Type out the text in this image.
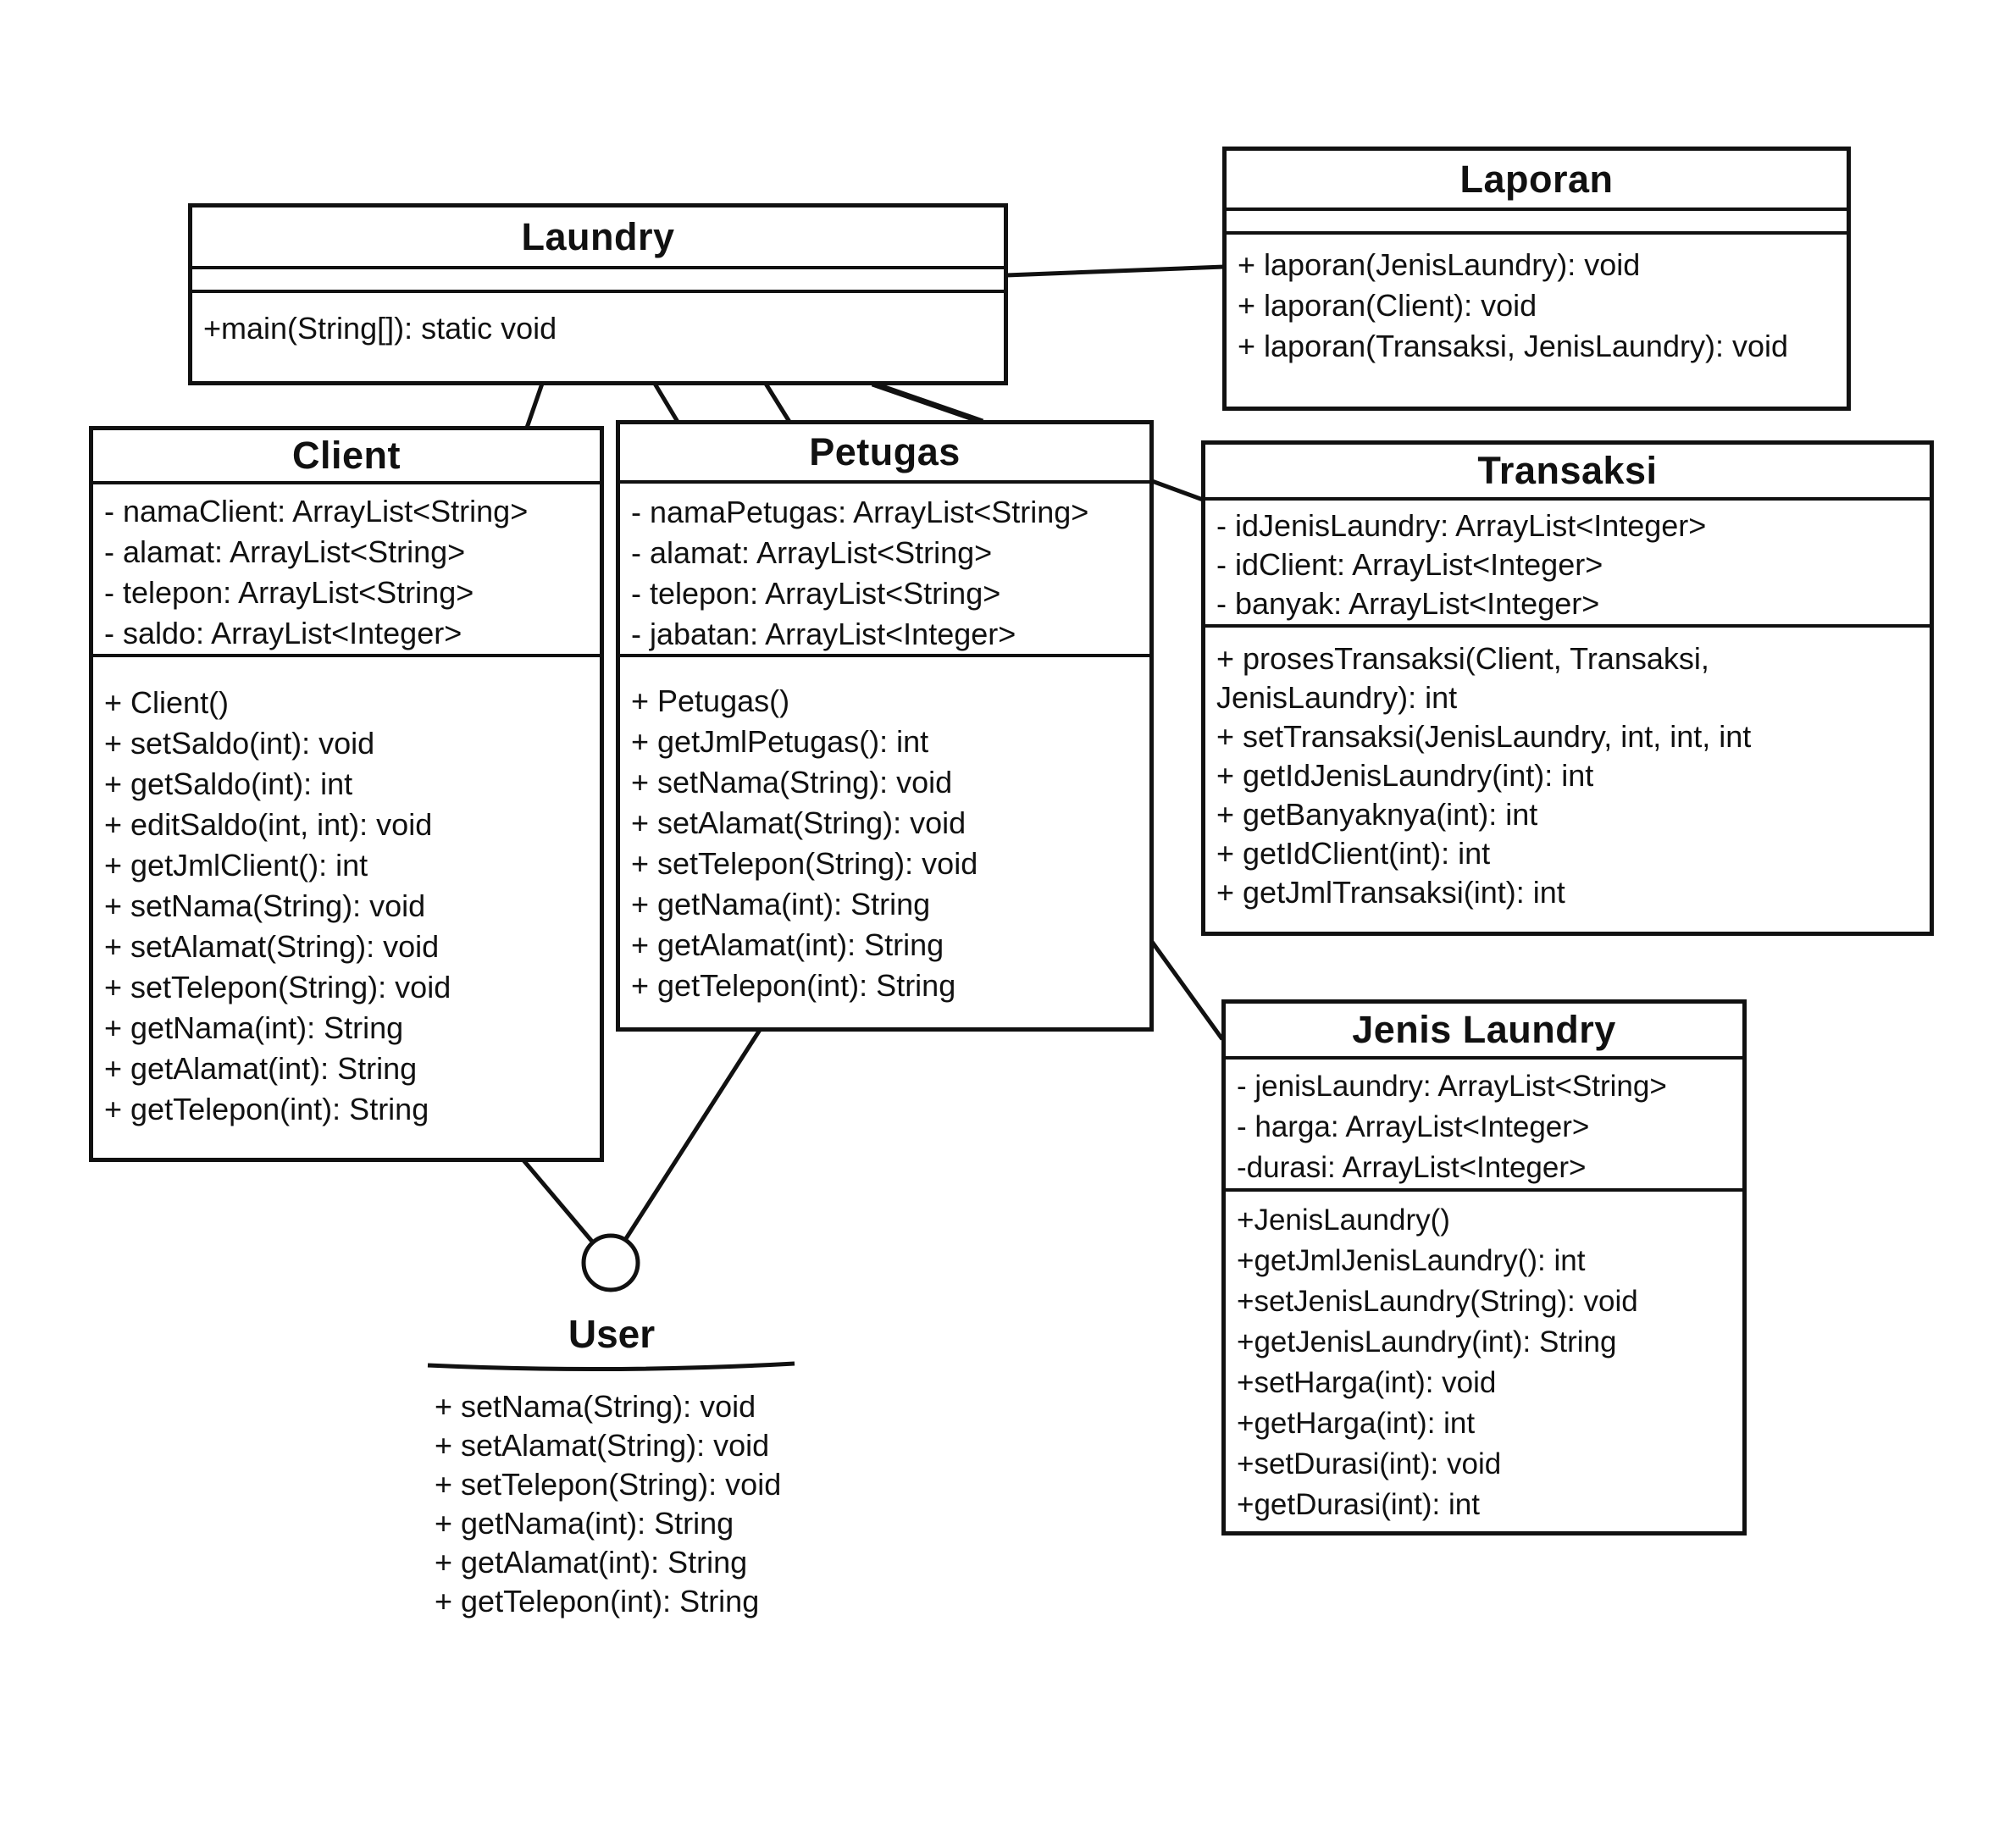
Laundry
+main(String[]): static void
Laporan
+ laporan(JenisLaundry): void
+ laporan(Client): void
+ laporan(Transaksi, JenisLaundry): void
Client
- namaClient: ArrayList<String>
- alamat: ArrayList<String>
- telepon: ArrayList<String>
- saldo: ArrayList<Integer>
+ Client()
+ setSaldo(int): void
+ getSaldo(int): int
+ editSaldo(int, int): void
+ getJmlClient(): int
+ setNama(String): void
+ setAlamat(String): void
+ setTelepon(String): void
+ getNama(int): String
+ getAlamat(int): String
+ getTelepon(int): String
Petugas
- namaPetugas: ArrayList<String>
- alamat: ArrayList<String>
- telepon: ArrayList<String>
- jabatan: ArrayList<Integer>
+ Petugas()
+ getJmlPetugas(): int
+ setNama(String): void
+ setAlamat(String): void
+ setTelepon(String): void
+ getNama(int): String
+ getAlamat(int): String
+ getTelepon(int): String
Transaksi
- idJenisLaundry: ArrayList<Integer>
- idClient: ArrayList<Integer>
- banyak: ArrayList<Integer>
+ prosesTransaksi(Client, Transaksi,
JenisLaundry): int
+ setTransaksi(JenisLaundry, int, int, int
+ getIdJenisLaundry(int): int
+ getBanyaknya(int): int
+ getIdClient(int): int
+ getJmlTransaksi(int): int
Jenis Laundry
- jenisLaundry: ArrayList<String>
- harga: ArrayList<Integer>
-durasi: ArrayList<Integer>
+JenisLaundry()
+getJmlJenisLaundry(): int
+setJenisLaundry(String): void
+getJenisLaundry(int): String
+setHarga(int): void
+getHarga(int): int
+setDurasi(int): void
+getDurasi(int): int
User
+ setNama(String): void
+ setAlamat(String): void
+ setTelepon(String): void
+ getNama(int): String
+ getAlamat(int): String
+ getTelepon(int): String
